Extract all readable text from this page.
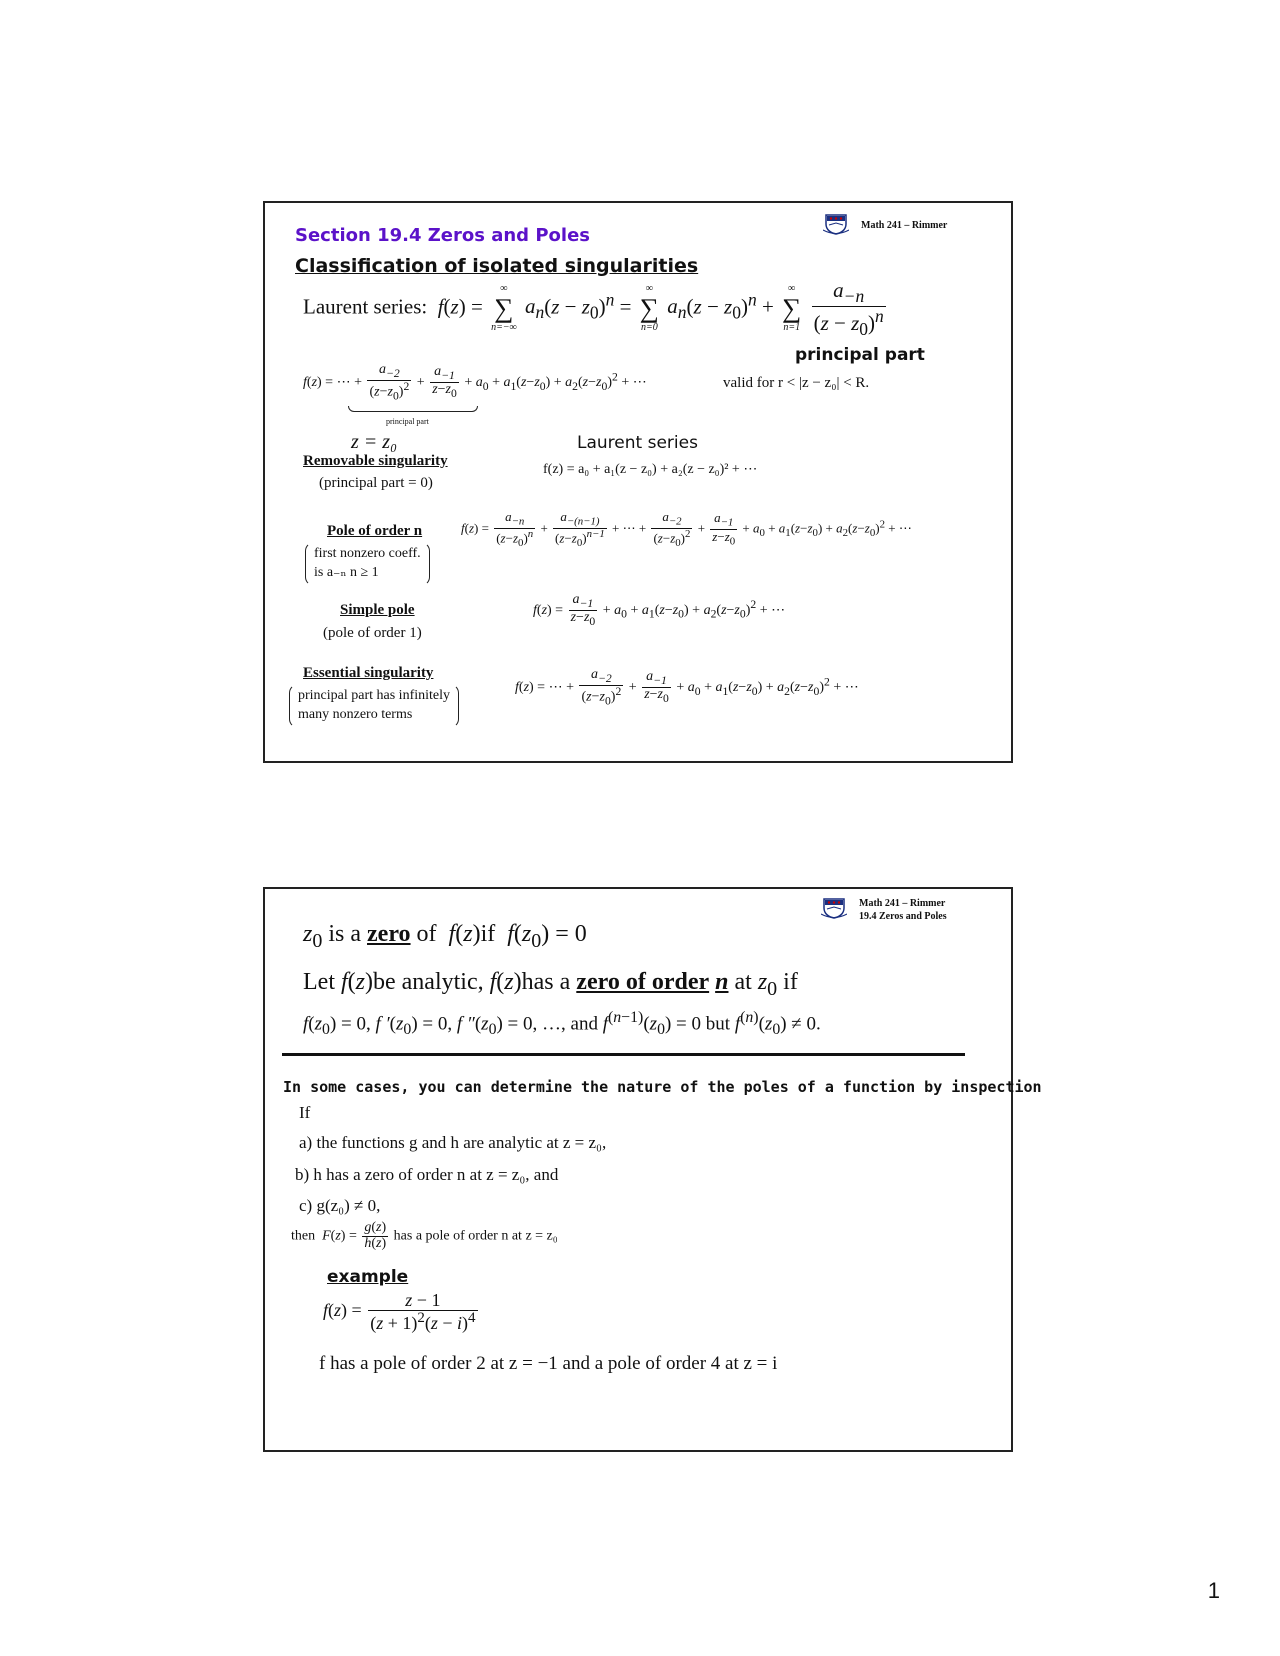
Math 241 – Rimmer
Section 19.4 Zeros and Poles
Classification of isolated singularities
Laurent series:  f(z) =
∞
∑
n=−∞
$a_n(z - z_0)^n$ =
∞
∑
n=0
$a_n(z - z_0)^n$ +
∞
∑
n=1
$\frac{a_{-n}}{(z - z_0)^n}$
principal part
f(z) = ⋯ + $\frac{a_{-2}}{(z-z_0)^2} + \frac{a_{-1}}{z-z_0} + a_0 + a_1(z-z_0) + a_2(z-z_0)^2$ + ⋯	valid for r < |z − z₀| < R.
principal part
z = z₀	Laurent series
Removable singularity
(principal part = 0)
f(z) = a₀ + a₁(z − z₀) + a₂(z − z₀)² + ⋯
Pole of order n
first nonzero coeff.
is a₋ₙ n ≥ 1
$f(z) = \frac{a_{-n}}{(z-z_0)^n} + \frac{a_{-(n-1)}}{(z-z_0)^{n-1}}$ + ⋯ + $\frac{a_{-2}}{(z-z_0)^2} + \frac{a_{-1}}{z-z_0} + a_0 + a_1(z-z_0) + a_2(z-z_0)^2$ + ⋯
Simple pole
(pole of order 1)
$f(z) = \frac{a_{-1}}{z-z_0} + a_0 + a_1(z-z_0) + a_2(z-z_0)^2$ + ⋯
Essential singularity
principal part has infinitely
many nonzero terms
f(z) = ⋯ + $\frac{a_{-2}}{(z-z_0)^2} + \frac{a_{-1}}{z-z_0} + a_0 + a_1(z-z_0) + a_2(z-z_0)^2$ + ⋯

Math 241 – Rimmer
19.4 Zeros and Poles
$z_0$ is a zero of  f(z)if  $f(z_0) = 0$
Let f(z)be analytic, f(z)has a zero of order n at $z_0$ if
$f(z_0) = 0$, f $'(z_0) = 0$, f $''(z_0) = 0$, …, and $f^{(n-1)}(z_0) = 0$ but $f^{(n)}(z_0) \ne 0$.
In some cases, you can determine the nature of the poles of a function by inspection
If
a) the functions g and h are analytic at z = z₀,
b) h has a zero of order n at z = z₀, and
c) g(z₀) ≠ 0,
then $F(z) = \frac{g(z)}{h(z)}$ has a pole of order n at z = z₀
example
$f(z) = \frac{z - 1}{(z + 1)^2(z - i)^4}$
f has a pole of order 2 at z = −1 and a pole of order 4 at z = i
1
